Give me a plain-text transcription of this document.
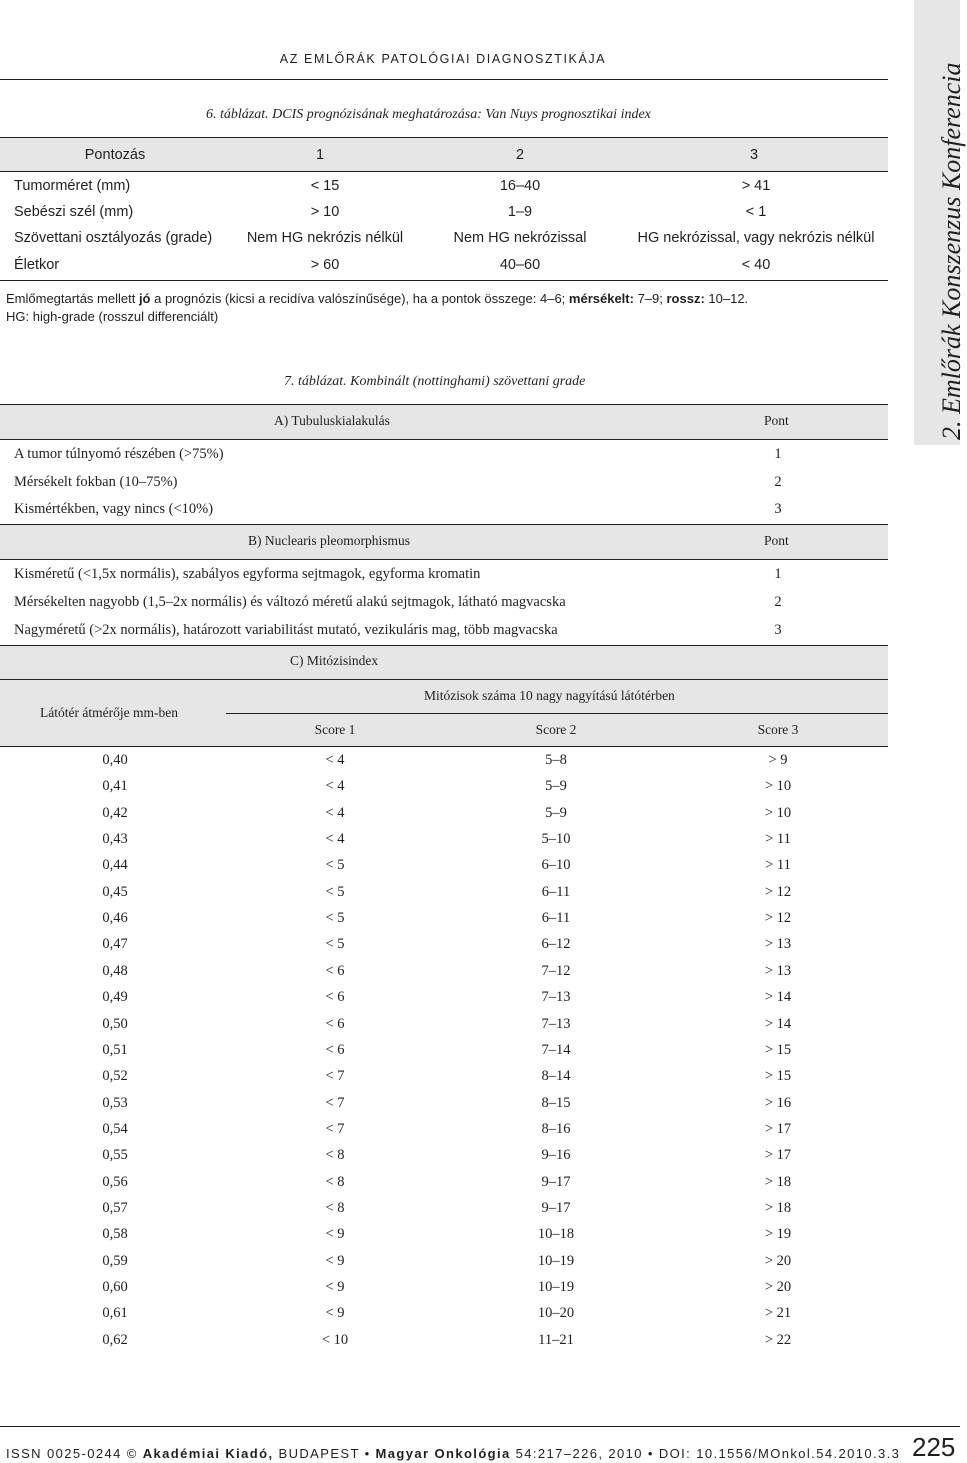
AZ EMLŐRÁK PATOLÓGIAI DIAGNOSZTIKÁJA
2. Emlőrák Konszenzus Konferencia
6. táblázat. DCIS prognózisának meghatározása: Van Nuys prognosztikai index
Pontozás	1	2	3
Tumorméret (mm)	< 15	16–40	> 41
Sebészi szél (mm)	> 10	1–9	< 1
Szövettani osztályozás (grade)	Nem HG nekrózis nélkül	Nem HG nekrózissal	HG nekrózissal, vagy nekrózis nélkül
Életkor	> 60	40–60	< 40
Emlőmegtartás mellett jó a prognózis (kicsi a recidíva valószínűsége), ha a pontok összege: 4–6; mérsékelt: 7–9; rossz: 10–12.
HG: high-grade (rosszul differenciált)
7. táblázat. Kombinált (nottinghami) szövettani grade
A) Tubuluskialakulás	Pont
A tumor túlnyomó részében (>75%)	1
Mérsékelt fokban (10–75%)	2
Kismértékben, vagy nincs (<10%)	3
B) Nuclearis pleomorphismus	Pont
Kisméretű (<1,5x normális), szabályos egyforma sejtmagok, egyforma kromatin	1
Mérsékelten nagyobb (1,5–2x normális) és változó méretű alakú sejtmagok, látható magvacska	2
Nagyméretű (>2x normális), határozott variabilitást mutató, vezikuláris mag, több magvacska	3
C) Mitózisindex
Látótér átmérője mm-ben
Mitózisok száma 10 nagy nagyítású látótérben
Score 1	Score 2	Score 3
0,40	< 4	5–8	> 9
0,41	< 4	5–9	> 10
0,42	< 4	5–9	> 10
0,43	< 4	5–10	> 11
0,44	< 5	6–10	> 11
0,45	< 5	6–11	> 12
0,46	< 5	6–11	> 12
0,47	< 5	6–12	> 13
0,48	< 6	7–12	> 13
0,49	< 6	7–13	> 14
0,50	< 6	7–13	> 14
0,51	< 6	7–14	> 15
0,52	< 7	8–14	> 15
0,53	< 7	8–15	> 16
0,54	< 7	8–16	> 17
0,55	< 8	9–16	> 17
0,56	< 8	9–17	> 18
0,57	< 8	9–17	> 18
0,58	< 9	10–18	> 19
0,59	< 9	10–19	> 20
0,60	< 9	10–19	> 20
0,61	< 9	10–20	> 21
0,62	< 10	11–21	> 22
ISSN 0025-0244 © Akadémiai Kiadó, BUDAPEST • Magyar Onkológia 54:217–226, 2010 • DOI: 10.1556/MOnkol.54.2010.3.3 225
